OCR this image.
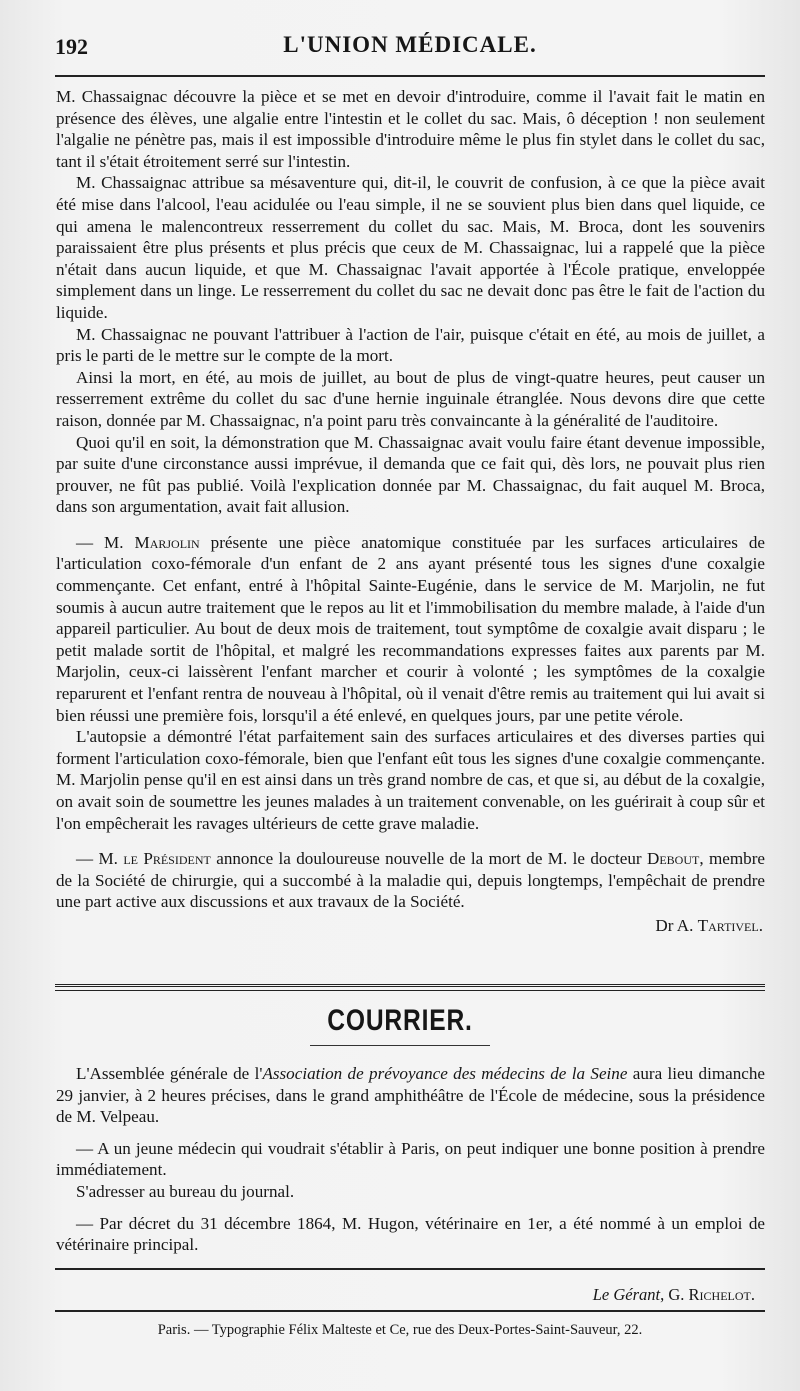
192	L'UNION MÉDICALE.

M. Chassaignac découvre la pièce et se met en devoir d'introduire, comme il l'avait fait le matin en présence des élèves, une algalie entre l'intestin et le collet du sac. Mais, ô déception ! non seulement l'algalie ne pénètre pas, mais il est impossible d'introduire même le plus fin stylet dans le collet du sac, tant il s'était étroitement serré sur l'intestin.

M. Chassaignac attribue sa mésaventure qui, dit-il, le couvrit de confusion, à ce que la pièce avait été mise dans l'alcool, l'eau acidulée ou l'eau simple, il ne se souvient plus bien dans quel liquide, ce qui amena le malencontreux resserrement du collet du sac. Mais, M. Broca, dont les souvenirs paraissaient être plus présents et plus précis que ceux de M. Chassaignac, lui a rappelé que la pièce n'était dans aucun liquide, et que M. Chassaignac l'avait apportée à l'École pratique, enveloppée simplement dans un linge. Le resserrement du collet du sac ne devait donc pas être le fait de l'action du liquide.

M. Chassaignac ne pouvant l'attribuer à l'action de l'air, puisque c'était en été, au mois de juillet, a pris le parti de le mettre sur le compte de la mort.

Ainsi la mort, en été, au mois de juillet, au bout de plus de vingt-quatre heures, peut causer un resserrement extrême du collet du sac d'une hernie inguinale étranglée. Nous devons dire que cette raison, donnée par M. Chassaignac, n'a point paru très convaincante à la généralité de l'auditoire.

Quoi qu'il en soit, la démonstration que M. Chassaignac avait voulu faire étant devenue impossible, par suite d'une circonstance aussi imprévue, il demanda que ce fait qui, dès lors, ne pouvait plus rien prouver, ne fût pas publié. Voilà l'explication donnée par M. Chassaignac, du fait auquel M. Broca, dans son argumentation, avait fait allusion.

— M. Marjolin présente une pièce anatomique constituée par les surfaces articulaires de l'articulation coxo-fémorale d'un enfant de 2 ans ayant présenté tous les signes d'une coxalgie commençante. Cet enfant, entré à l'hôpital Sainte-Eugénie, dans le service de M. Marjolin, ne fut soumis à aucun autre traitement que le repos au lit et l'immobilisation du membre malade, à l'aide d'un appareil particulier. Au bout de deux mois de traitement, tout symptôme de coxalgie avait disparu ; le petit malade sortit de l'hôpital, et malgré les recommandations expresses faites aux parents par M. Marjolin, ceux-ci laissèrent l'enfant marcher et courir à volonté ; les symptômes de la coxalgie reparurent et l'enfant rentra de nouveau à l'hôpital, où il venait d'être remis au traitement qui lui avait si bien réussi une première fois, lorsqu'il a été enlevé, en quelques jours, par une petite vérole.

L'autopsie a démontré l'état parfaitement sain des surfaces articulaires et des diverses parties qui forment l'articulation coxo-fémorale, bien que l'enfant eût tous les signes d'une coxalgie commençante. M. Marjolin pense qu'il en est ainsi dans un très grand nombre de cas, et que si, au début de la coxalgie, on avait soin de soumettre les jeunes malades à un traitement convenable, on les guérirait à coup sûr et l'on empêcherait les ravages ultérieurs de cette grave maladie.

— M. le Président annonce la douloureuse nouvelle de la mort de M. le docteur Debout, membre de la Société de chirurgie, qui a succombé à la maladie qui, depuis longtemps, l'empêchait de prendre une part active aux discussions et aux travaux de la Société.

Dr A. Tartivel.
COURRIER.

L'Assemblée générale de l'Association de prévoyance des médecins de la Seine aura lieu dimanche 29 janvier, à 2 heures précises, dans le grand amphithéâtre de l'École de médecine, sous la présidence de M. Velpeau.

— A un jeune médecin qui voudrait s'établir à Paris, on peut indiquer une bonne position à prendre immédiatement.

S'adresser au bureau du journal.

— Par décret du 31 décembre 1864, M. Hugon, vétérinaire en 1er, a été nommé à un emploi de vétérinaire principal.

Le Gérant, G. Richelot.
Paris. — Typographie Félix Malteste et Ce, rue des Deux-Portes-Saint-Sauveur, 22.
